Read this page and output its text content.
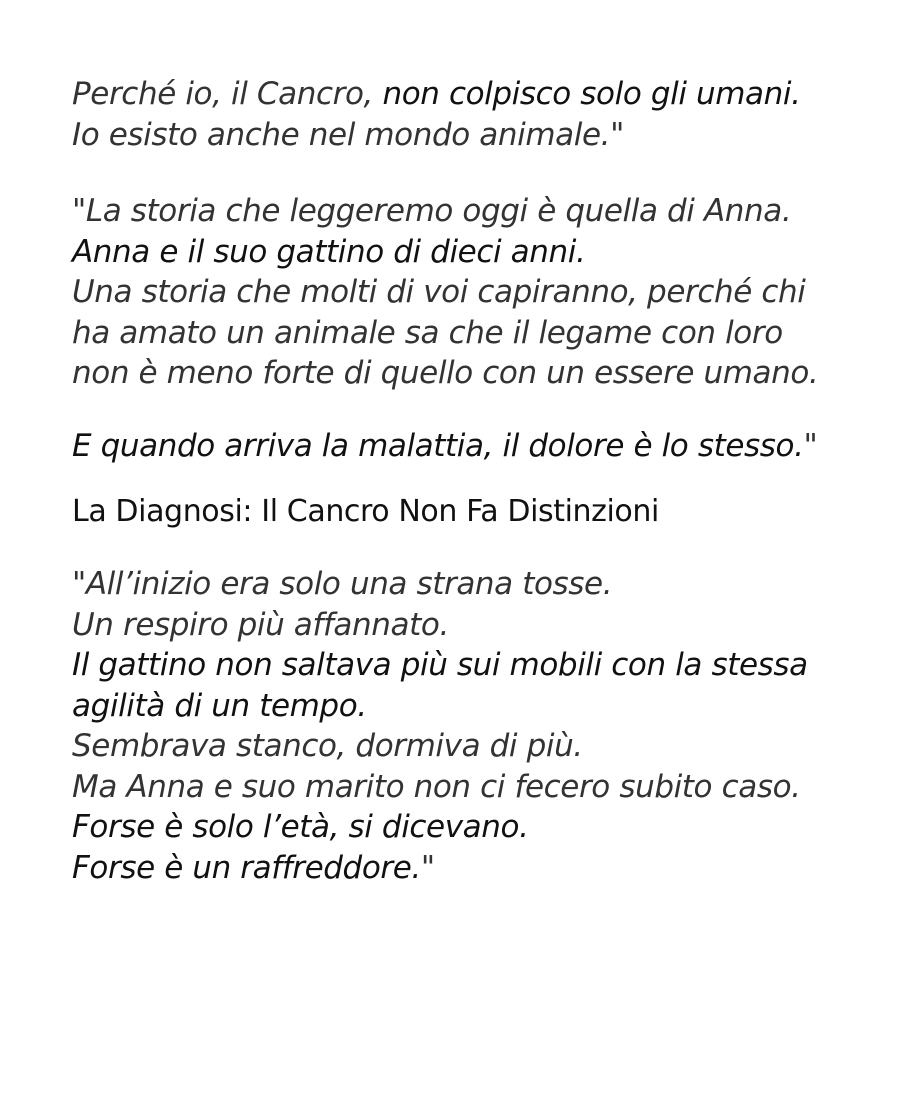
Perché io, il Cancro, non colpisco solo gli umani.
Io esisto anche nel mondo animale."

"La storia che leggeremo oggi è quella di Anna.
Anna e il suo gattino di dieci anni.
Una storia che molti di voi capiranno, perché chi
ha amato un animale sa che il legame con loro
non è meno forte di quello con un essere umano.

E quando arriva la malattia, il dolore è lo stesso."

La Diagnosi: Il Cancro Non Fa Distinzioni

"All’inizio era solo una strana tosse.
Un respiro più affannato.
Il gattino non saltava più sui mobili con la stessa
agilità di un tempo.
Sembrava stanco, dormiva di più.
Ma Anna e suo marito non ci fecero subito caso.
Forse è solo l’età, si dicevano.
Forse è un raffreddore."
